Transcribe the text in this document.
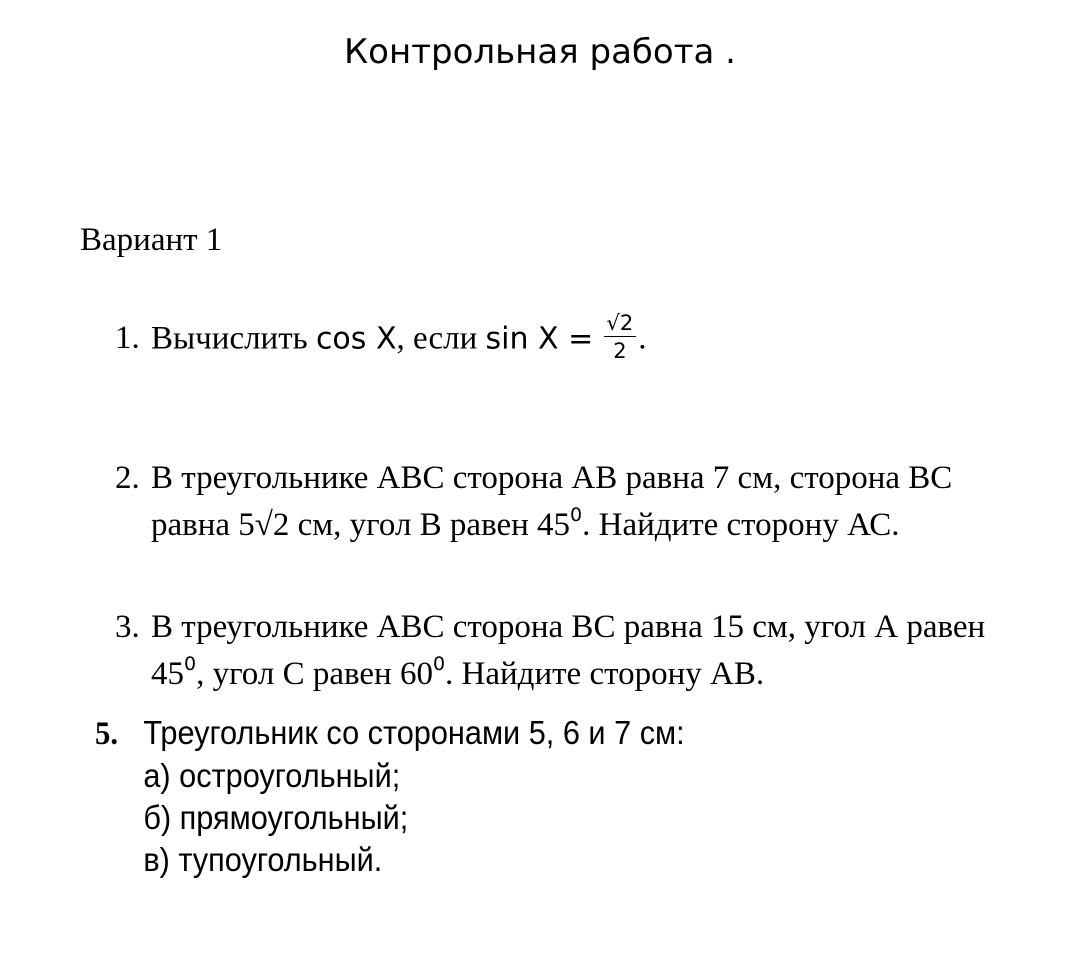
Контрольная работа .
Вариант 1
1. Вычислить cos X, если $\sin X = \frac{√2}{2}$ .
2. В треугольнике АВС сторона АВ равна 7 см, сторона ВС равна 5√2 см, угол В равен $45^0$. Найдите сторону АС.
3. В треугольнике АВС сторона ВС равна 15 см, угол А равен $45^0$, угол С равен $60^0$. Найдите сторону АВ.
5. Треугольник со сторонами 5, 6 и 7 см:
а) остроугольный;
б) прямоугольный;
в) тупоугольный.
